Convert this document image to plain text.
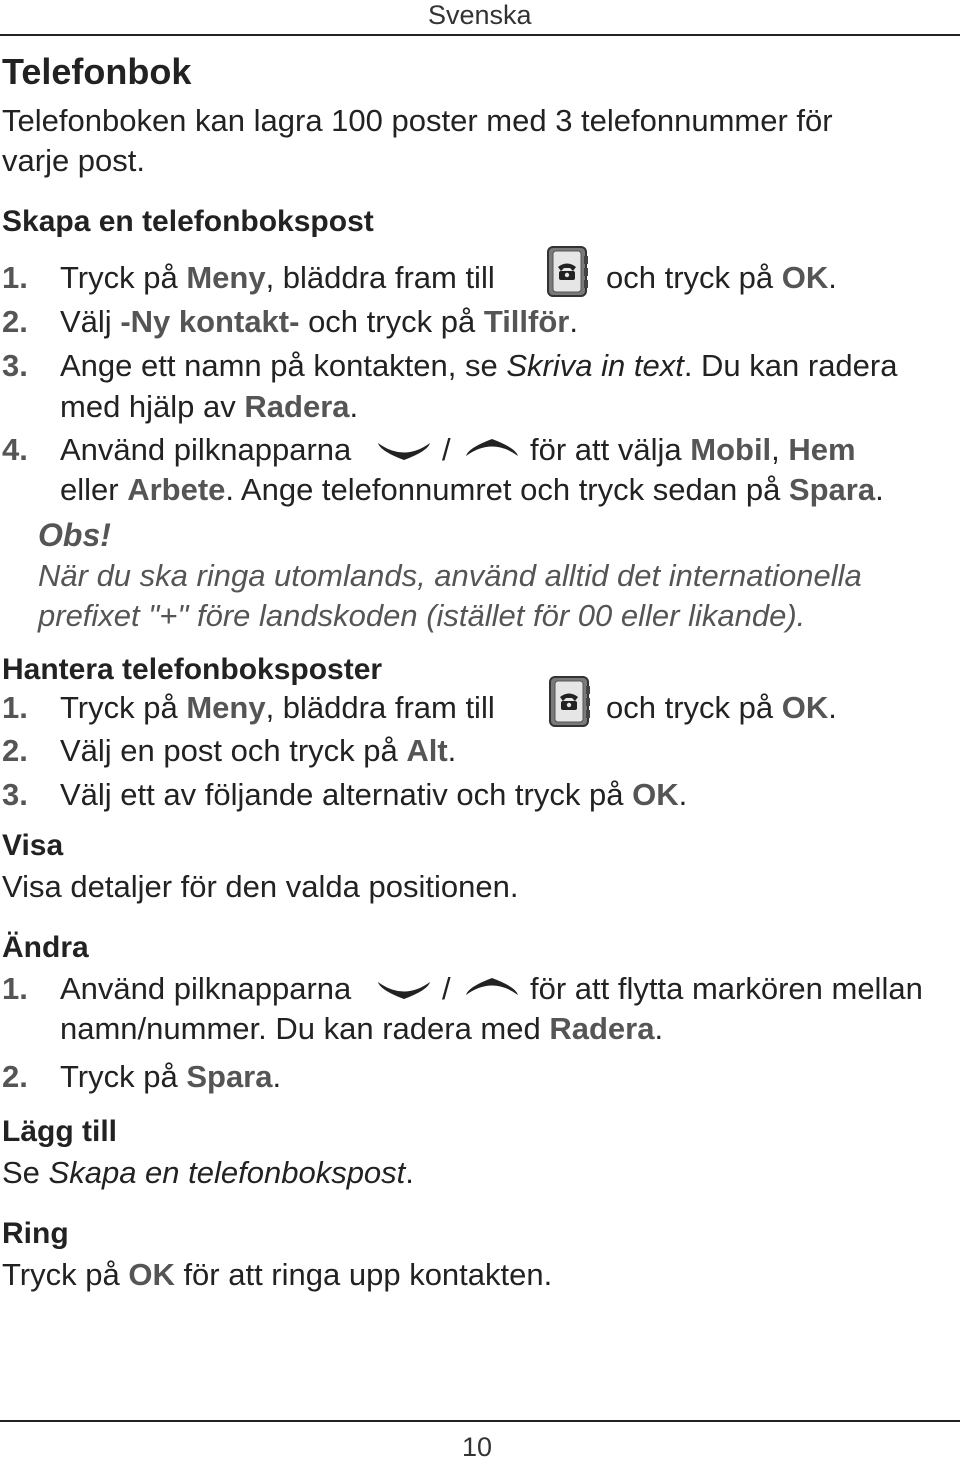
Svenska
Telefonbok
Telefonboken kan lagra 100 poster med 3 telefonnummer för
varje post.
Skapa en telefonbokspost
1. Tryck på Meny, bläddra fram till	och tryck på OK.
2. Välj -Ny kontakt- och tryck på Tillför.
3. Ange ett namn på kontakten, se Skriva in text. Du kan radera
med hjälp av Radera.
4. Använd pilknapparna	/	för att välja Mobil, Hem
eller Arbete. Ange telefonnumret och tryck sedan på Spara.
Obs!
När du ska ringa utomlands, använd alltid det internationella
prefixet "+" före landskoden (istället för 00 eller likande).
Hantera telefonboksposter
1. Tryck på Meny, bläddra fram till	och tryck på OK.
2. Välj en post och tryck på Alt.
3. Välj ett av följande alternativ och tryck på OK.
Visa
Visa detaljer för den valda positionen.
Ändra
1. Använd pilknapparna	/	för att flytta markören mellan
namn/nummer. Du kan radera med Radera.
2. Tryck på Spara.
Lägg till
Se Skapa en telefonbokspost.
Ring
Tryck på OK för att ringa upp kontakten.
10
